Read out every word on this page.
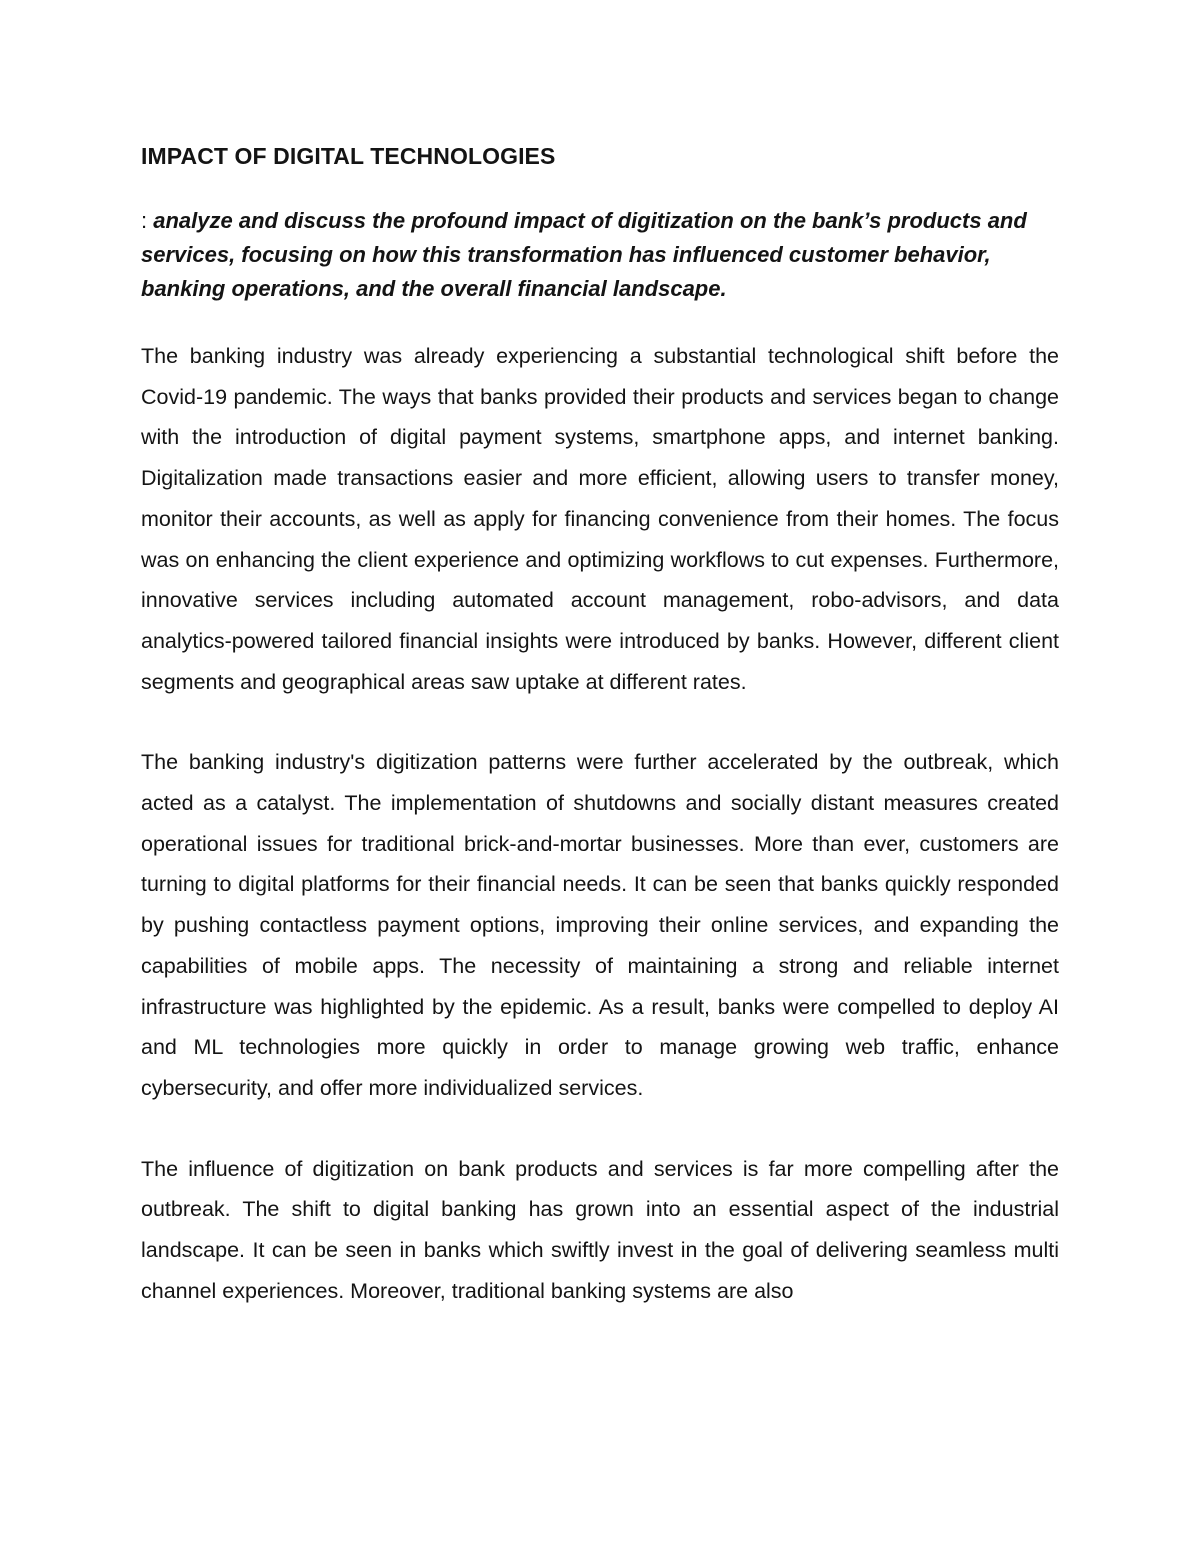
IMPACT OF DIGITAL TECHNOLOGIES

: analyze and discuss the profound impact of digitization on the bank’s products and services, focusing on how this transformation has influenced customer behavior, banking operations, and the overall financial landscape.

The banking industry was already experiencing a substantial technological shift before the Covid-19 pandemic. The ways that banks provided their products and services began to change with the introduction of digital payment systems, smartphone apps, and internet banking. Digitalization made transactions easier and more efficient, allowing users to transfer money, monitor their accounts, as well as apply for financing convenience from their homes. The focus was on enhancing the client experience and optimizing workflows to cut expenses. Furthermore, innovative services including automated account management, robo-advisors, and data analytics-powered tailored financial insights were introduced by banks. However, different client segments and geographical areas saw uptake at different rates.

The banking industry's digitization patterns were further accelerated by the outbreak, which acted as a catalyst. The implementation of shutdowns and socially distant measures created operational issues for traditional brick-and-mortar businesses. More than ever, customers are turning to digital platforms for their financial needs. It can be seen that banks quickly responded by pushing contactless payment options, improving their online services, and expanding the capabilities of mobile apps. The necessity of maintaining a strong and reliable internet infrastructure was highlighted by the epidemic. As a result, banks were compelled to deploy AI and ML technologies more quickly in order to manage growing web traffic, enhance cybersecurity, and offer more individualized services.

The influence of digitization on bank products and services is far more compelling after the outbreak. The shift to digital banking has grown into an essential aspect of the industrial landscape. It can be seen in banks which swiftly invest in the goal of delivering seamless multi channel experiences. Moreover, traditional banking systems are also
